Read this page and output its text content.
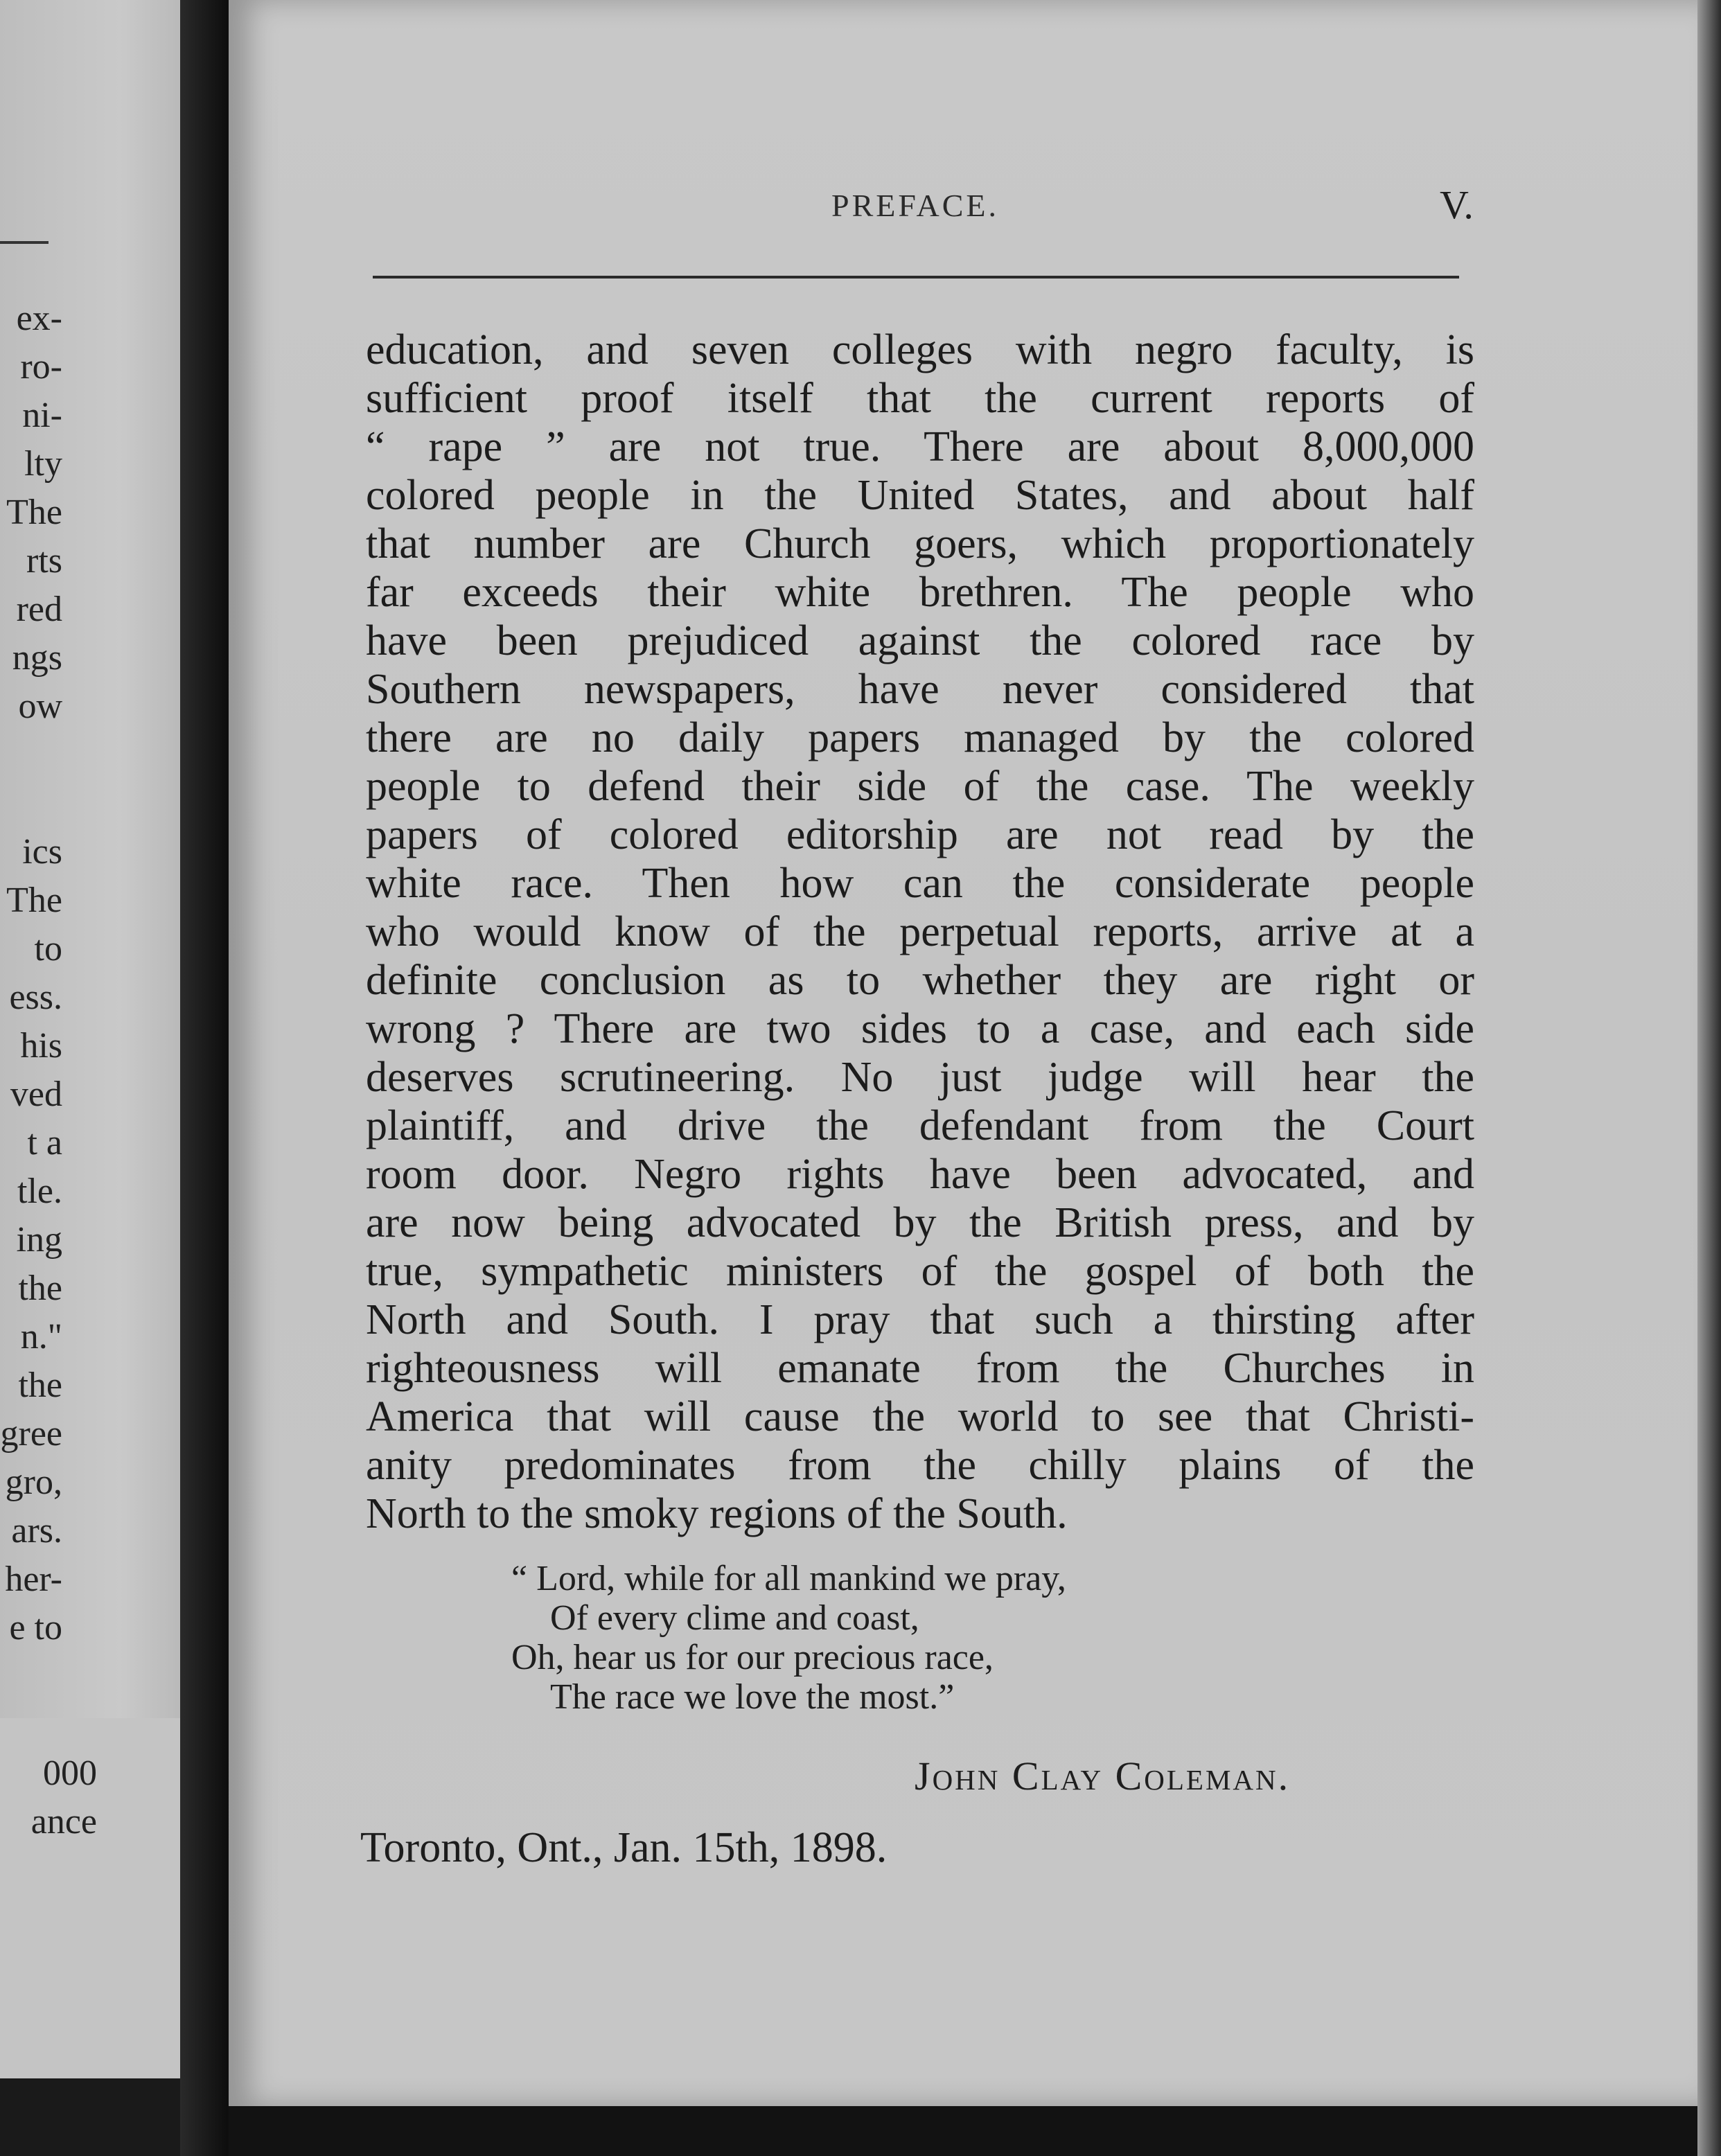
ex-
ro-
ni-
lty
The
rts
red
ngs
ow
ics
The
to
ess.
his
ved
t a
tle.
ing
the
n."
the
gree
gro,
ars.
her-
e to
000
ance
PREFACE.	V.
education, and seven colleges with negro faculty, is
sufficient proof itself that the current reports of
“ rape ” are not true. There are about 8,000,000
colored people in the United States, and about half
that number are Church goers, which proportionately
far exceeds their white brethren. The people who
have been prejudiced against the colored race by
Southern newspapers, have never considered that
there are no daily papers managed by the colored
people to defend their side of the case. The weekly
papers of colored editorship are not read by the
white race. Then how can the considerate people
who would know of the perpetual reports, arrive at a
definite conclusion as to whether they are right or
wrong ? There are two sides to a case, and each side
deserves scrutineering. No just judge will hear the
plaintiff, and drive the defendant from the Court
room door. Negro rights have been advocated, and
are now being advocated by the British press, and by
true, sympathetic ministers of the gospel of both the
North and South. I pray that such a thirsting after
righteousness will emanate from the Churches in
America that will cause the world to see that Christi-
anity predominates from the chilly plains of the
North to the smoky regions of the South.
“ Lord, while for all mankind we pray,
Of every clime and coast,
Oh, hear us for our precious race,
The race we love the most.”
John Clay Coleman.
Toronto, Ont., Jan. 15th, 1898.
